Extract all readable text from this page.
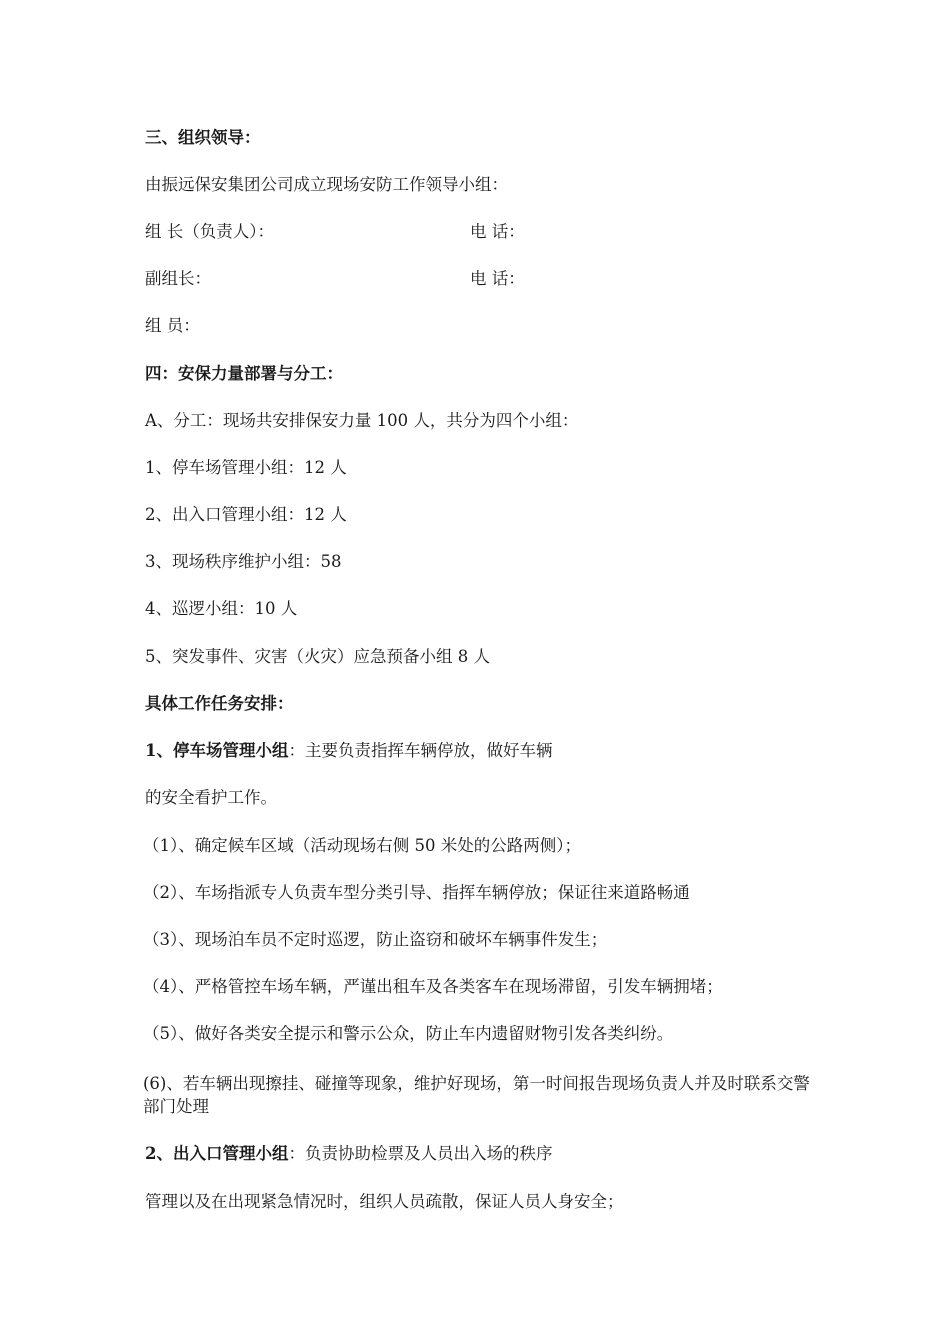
三、组织领导：
由振远保安集团公司成立现场安防工作领导小组：
组 长（负责人）：	电 话：
副组长：	电 话：
组 员：
四：安保力量部署与分工：
A、分工：现场共安排保安力量 100 人，共分为四个小组：
1、停车场管理小组：12 人
2、出入口管理小组：12 人
3、现场秩序维护小组：58
4、巡逻小组：10 人
5、突发事件、灾害（火灾）应急预备小组 8 人
具体工作任务安排：
1、停车场管理小组：主要负责指挥车辆停放，做好车辆
的安全看护工作。
（1）、确定候车区域（活动现场右侧 50 米处的公路两侧）；
（2）、车场指派专人负责车型分类引导、指挥车辆停放；保证往来道路畅通
（3）、现场泊车员不定时巡逻，防止盗窃和破坏车辆事件发生；
（4）、严格管控车场车辆，严谨出租车及各类客车在现场滞留，引发车辆拥堵；
（5）、做好各类安全提示和警示公众，防止车内遗留财物引发各类纠纷。
(6)、若车辆出现擦挂、碰撞等现象，维护好现场，第一时间报告现场负责人并及时联系交警部门处理
2、出入口管理小组：负责协助检票及人员出入场的秩序
管理以及在出现紧急情况时，组织人员疏散，保证人员人身安全；
